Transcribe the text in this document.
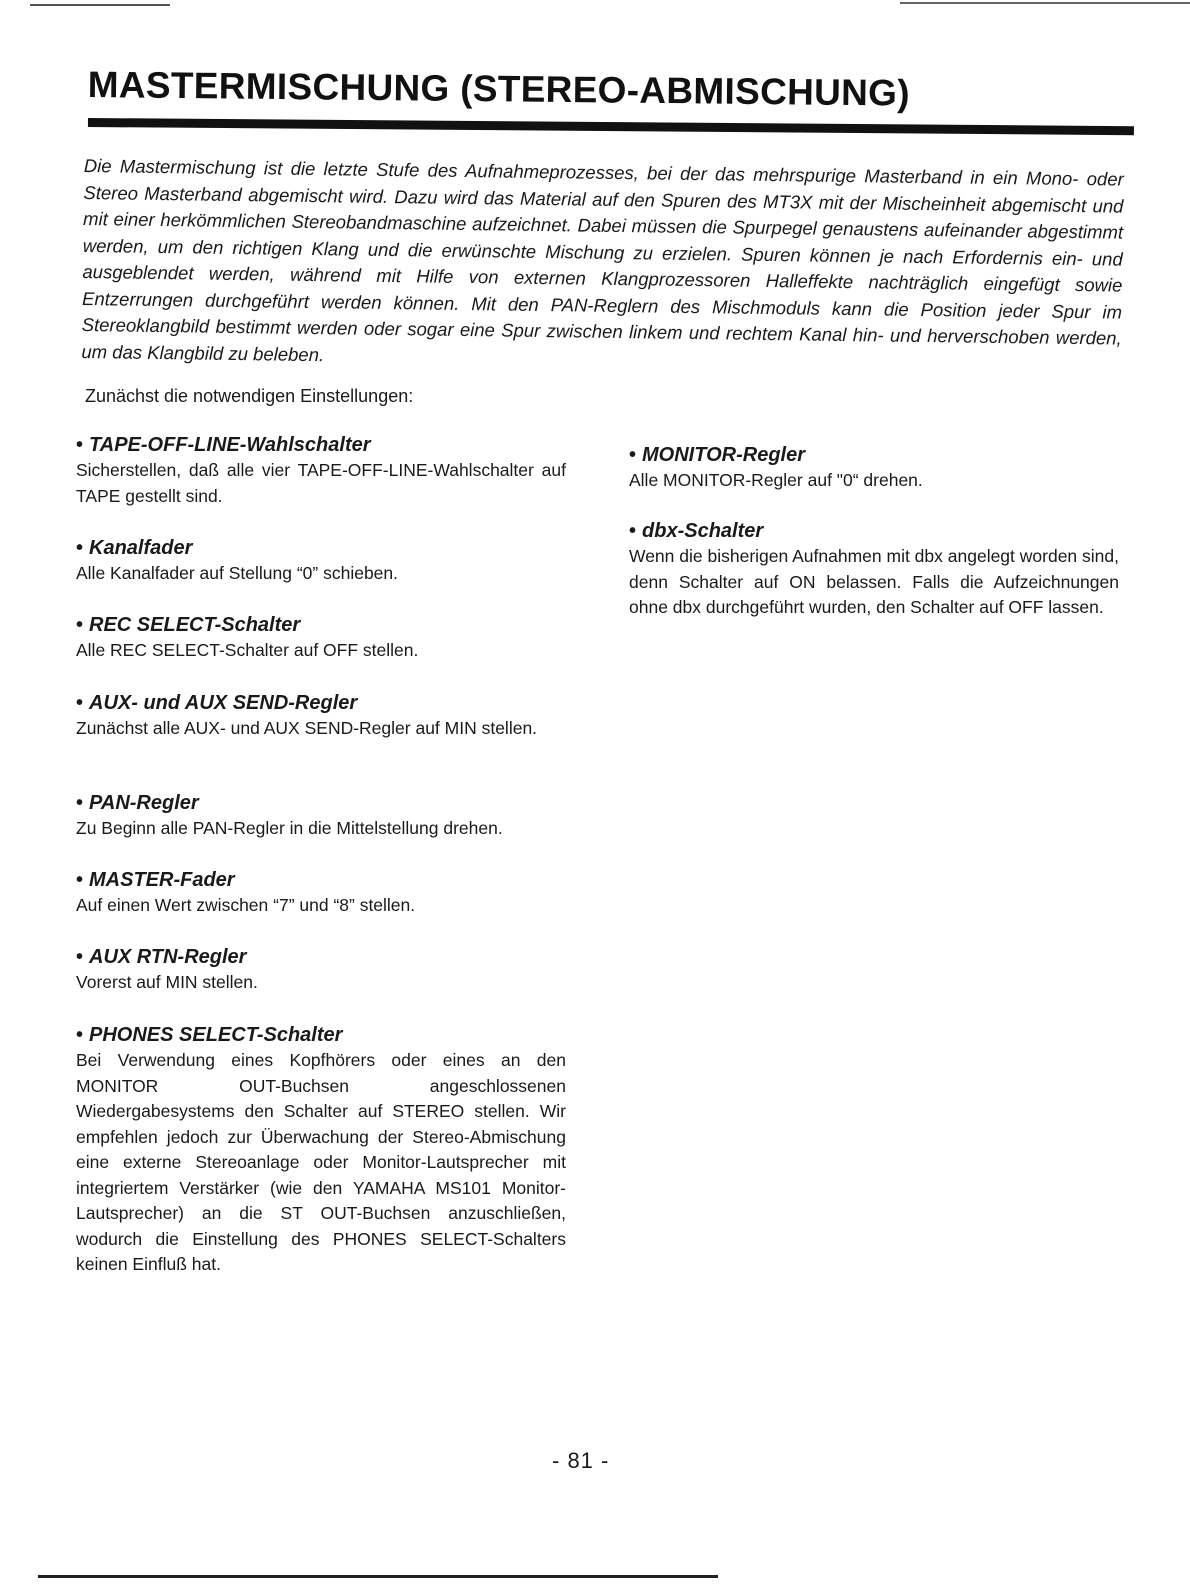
MASTERMISCHUNG (STEREO-ABMISCHUNG)

Die Mastermischung ist die letzte Stufe des Aufnahmeprozesses, bei der das mehrspurige Masterband in ein Mono- oder Stereo Masterband abgemischt wird. Dazu wird das Material auf den Spuren des MT3X mit der Mischeinheit abgemischt und mit einer herkömmlichen Stereobandmaschine aufzeichnet. Dabei müssen die Spurpegel genaustens aufeinander abgestimmt werden, um den richtigen Klang und die erwünschte Mischung zu erzielen. Spuren können je nach Erfordernis ein- und ausgeblendet werden, während mit Hilfe von externen Klangprozessoren Halleffekte nachträglich eingefügt sowie Entzerrungen durchgeführt werden können. Mit den PAN-Reglern des Mischmoduls kann die Position jeder Spur im Stereoklangbild bestimmt werden oder sogar eine Spur zwischen linkem und rechtem Kanal hin- und herverschoben werden, um das Klangbild zu beleben.

Zunächst die notwendigen Einstellungen:

• TAPE-OFF-LINE-Wahlschalter

Sicherstellen, daß alle vier TAPE-OFF-LINE-Wahlschalter auf TAPE gestellt sind.

• Kanalfader

Alle Kanalfader auf Stellung “0” schieben.

• REC SELECT-Schalter

Alle REC SELECT-Schalter auf OFF stellen.

• AUX- und AUX SEND-Regler

Zunächst alle AUX- und AUX SEND-Regler auf MIN stellen.

• PAN-Regler

Zu Beginn alle PAN-Regler in die Mittelstellung drehen.

• MASTER-Fader

Auf einen Wert zwischen “7” und “8” stellen.

• AUX RTN-Regler

Vorerst auf MIN stellen.

• PHONES SELECT-Schalter

Bei Verwendung eines Kopfhörers oder eines an den MONITOR OUT-Buchsen angeschlossenen Wiedergabesystems den Schalter auf STEREO stellen. Wir empfehlen jedoch zur Überwachung der Stereo-Abmischung eine externe Stereoanlage oder Monitor-Lautsprecher mit integriertem Verstärker (wie den YAMAHA MS101 Monitor-Lautsprecher) an die ST OUT-Buchsen anzuschließen, wodurch die Einstellung des PHONES SELECT-Schalters keinen Einfluß hat.

• MONITOR-Regler

Alle MONITOR-Regler auf "0“ drehen.

• dbx-Schalter

Wenn die bisherigen Aufnahmen mit dbx angelegt worden sind, denn Schalter auf ON belassen. Falls die Aufzeichnungen ohne dbx durchgeführt wurden, den Schalter auf OFF lassen.

- 81 -
